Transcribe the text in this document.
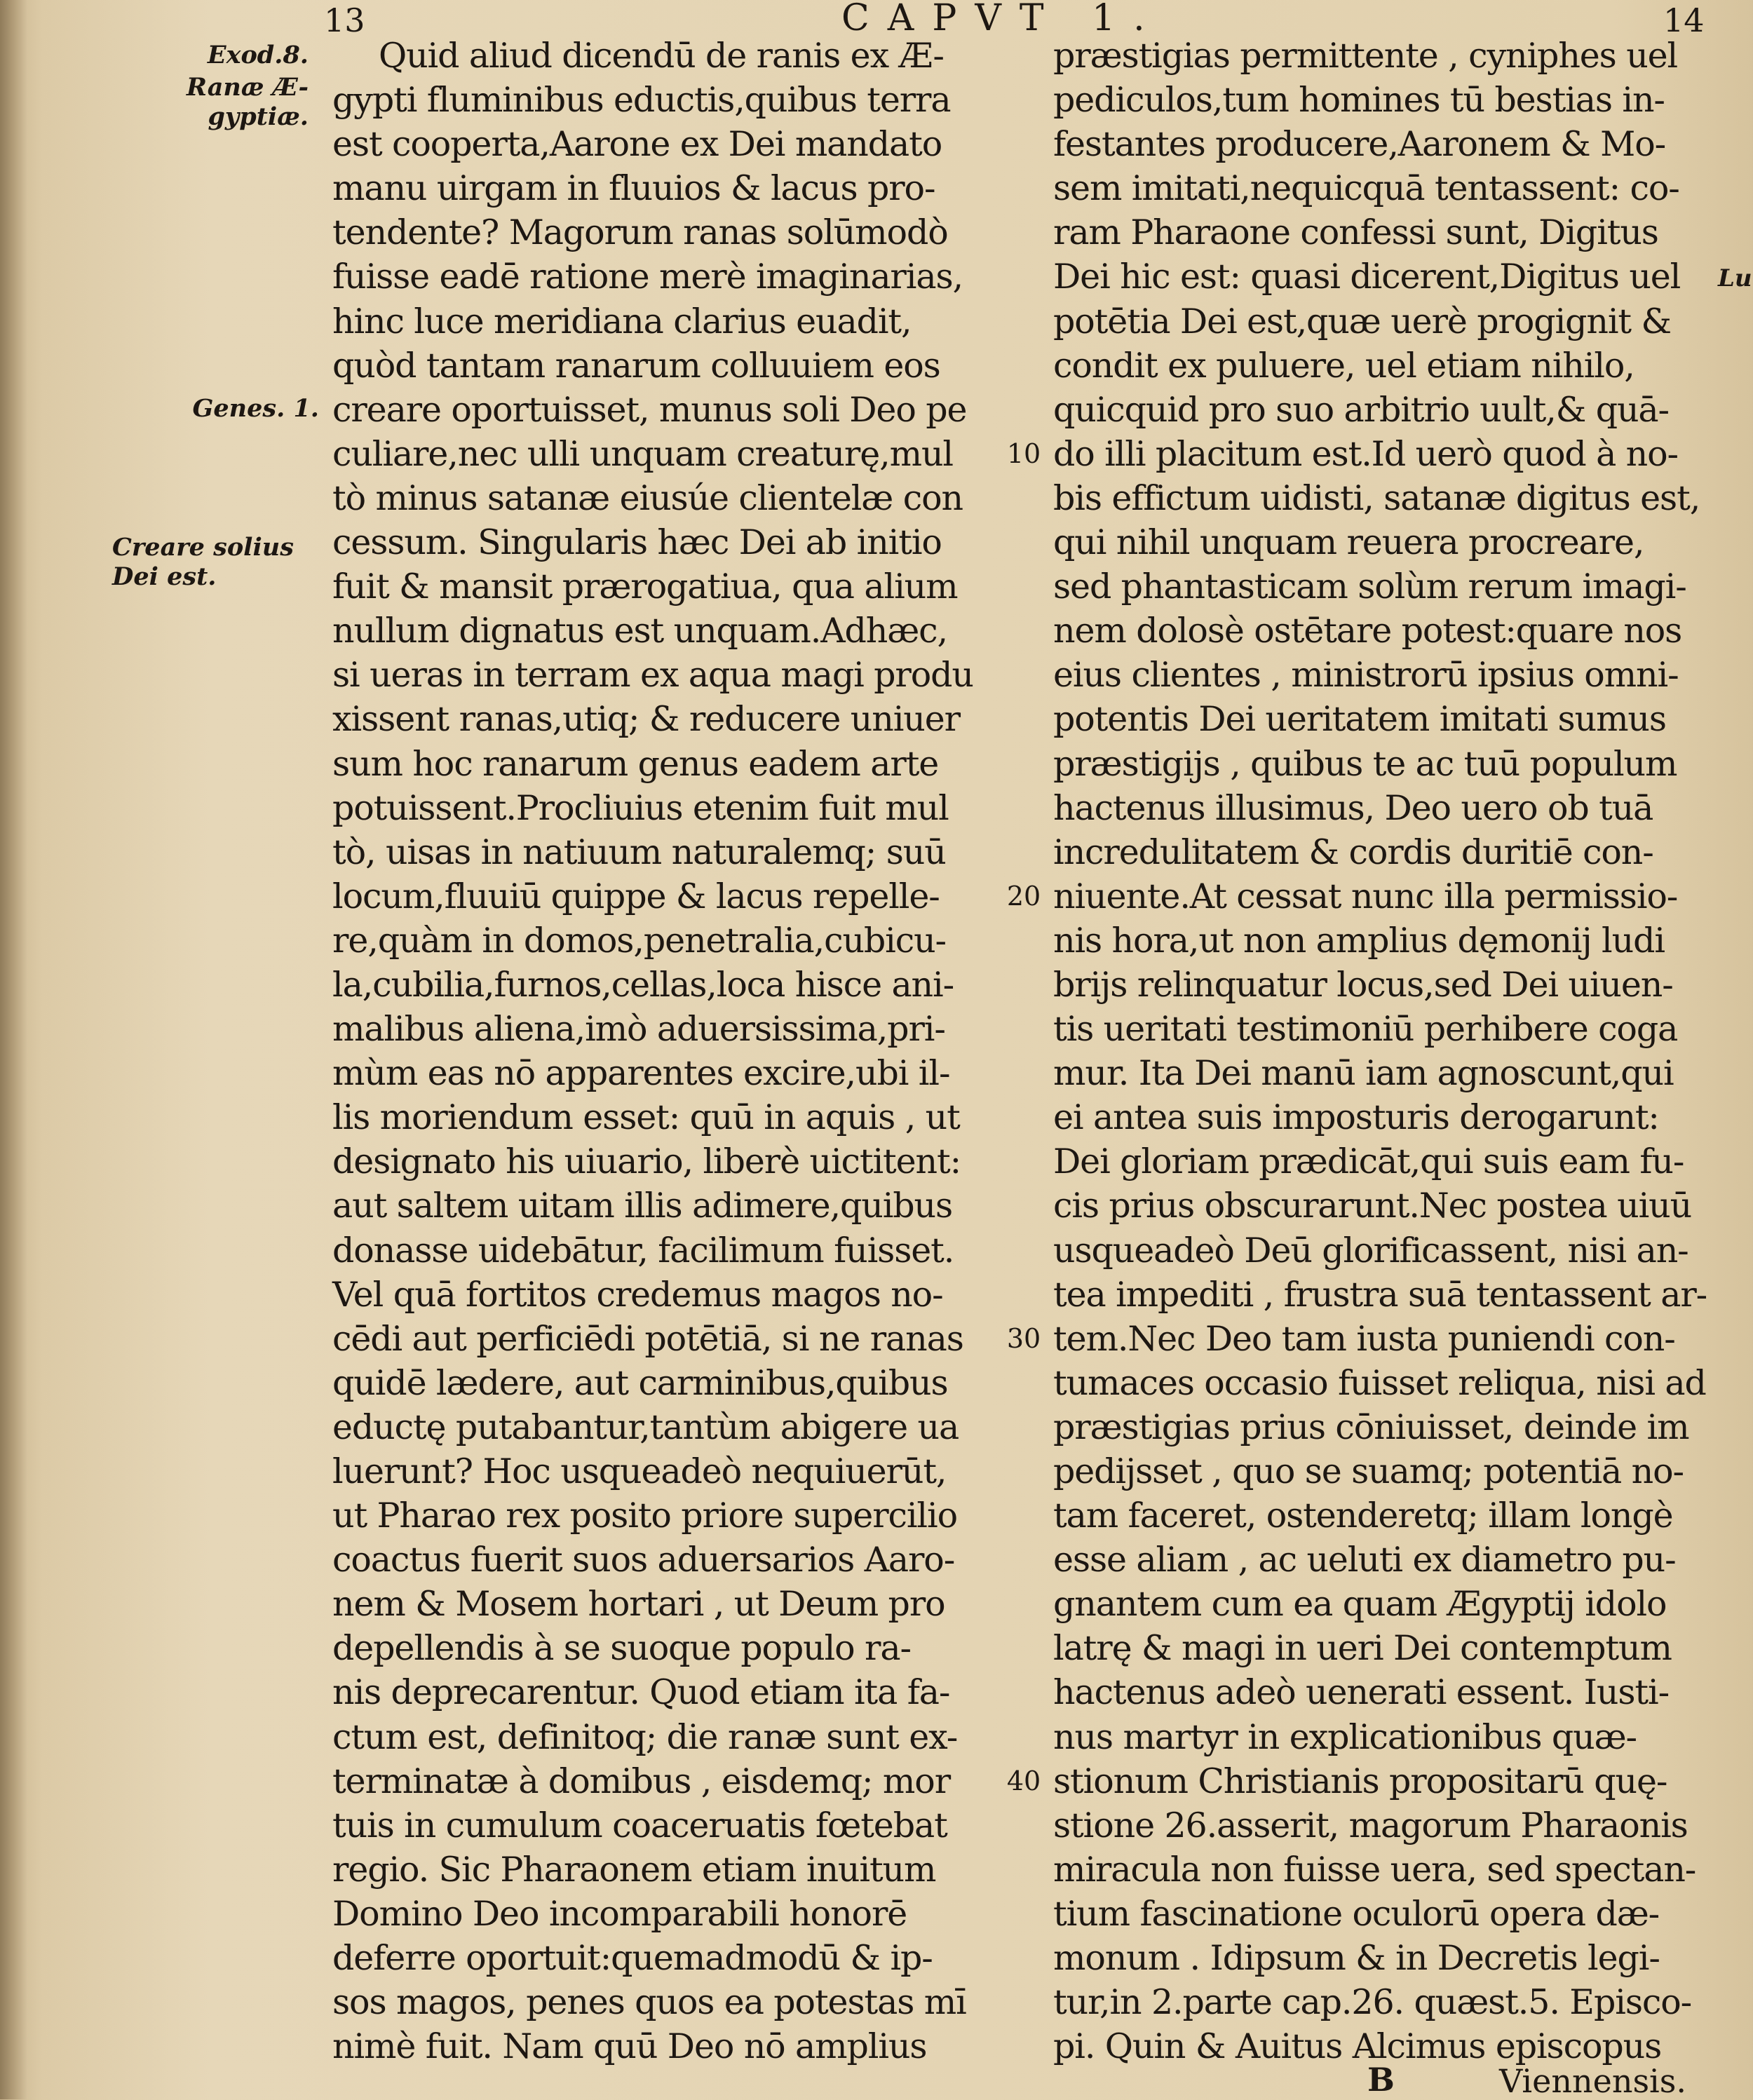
13	CAPVT 1.	14
Exod.8.
Ranæ Æ-
gyptiæ.
Genes. 1.
Creare solius
Dei est.
Lu
Quid aliud dicendū de ranis ex Æ-
gypti fluminibus eductis,quibus terra
est cooperta,Aarone ex Dei mandato
manu uirgam in fluuios & lacus pro-
tendente? Magorum ranas solūmodò
fuisse eadē ratione merè imaginarias,
hinc luce meridiana clarius euadit,
quòd tantam ranarum colluuiem eos
creare oportuisset, munus soli Deo pe
culiare,nec ulli unquam creaturę,mul
tò minus satanæ eiusúe clientelæ con
cessum. Singularis hæc Dei ab initio
fuit & mansit prærogatiua, qua alium
nullum dignatus est unquam.Adhæc,
si ueras in terram ex aqua magi produ
xissent ranas,utiq; & reducere uniuer
sum hoc ranarum genus eadem arte
potuissent.Procliuius etenim fuit mul
tò, uisas in natiuum naturalemq; suū
locum,fluuiū quippe & lacus repelle-
re,quàm in domos,penetralia,cubicu-
la,cubilia,furnos,cellas,loca hisce ani-
malibus aliena,imò aduersissima,pri-
mùm eas nō apparentes excire,ubi il-
lis moriendum esset: quū in aquis , ut
designato his uiuario, liberè uictitent:
aut saltem uitam illis adimere,quibus
donasse uidebātur, facilimum fuisset.
Vel quā fortitos credemus magos no-
cēdi aut perficiēdi potētiā, si ne ranas
quidē lædere, aut carminibus,quibus
eductę putabantur,tantùm abigere ua
luerunt? Hoc usqueadeò nequiuerūt,
ut Pharao rex posito priore supercilio
coactus fuerit suos aduersarios Aaro-
nem & Mosem hortari , ut Deum pro
depellendis à se suoque populo ra-
nis deprecarentur. Quod etiam ita fa-
ctum est, definitoq; die ranæ sunt ex-
terminatæ à domibus , eisdemq; mor
tuis in cumulum coaceruatis fœtebat
regio. Sic Pharaonem etiam inuitum
Domino Deo incomparabili honorē
deferre oportuit:quemadmodū & ip-
sos magos, penes quos ea potestas mī
nimè fuit. Nam quū Deo nō amplius
10
20
30
40
præstigias permittente , cyniphes uel
pediculos,tum homines tū bestias in-
festantes producere,Aaronem & Mo-
sem imitati,nequicquā tentassent: co-
ram Pharaone confessi sunt, Digitus
Dei hic est: quasi dicerent,Digitus uel
potētia Dei est,quæ uerè progignit &
condit ex puluere, uel etiam nihilo,
quicquid pro suo arbitrio uult,& quā-
do illi placitum est.Id uerò quod à no-
bis effictum uidisti, satanæ digitus est,
qui nihil unquam reuera procreare,
sed phantasticam solùm rerum imagi-
nem dolosè ostētare potest:quare nos
eius clientes , ministrorū ipsius omni-
potentis Dei ueritatem imitati sumus
præstigijs , quibus te ac tuū populum
hactenus illusimus, Deo uero ob tuā
incredulitatem & cordis duritiē con-
niuente.At cessat nunc illa permissio-
nis hora,ut non amplius dęmonij ludi
brijs relinquatur locus,sed Dei uiuen-
tis ueritati testimoniū perhibere coga
mur. Ita Dei manū iam agnoscunt,qui
ei antea suis imposturis derogarunt:
Dei gloriam prædicāt,qui suis eam fu-
cis prius obscurarunt.Nec postea uiuū
usqueadeò Deū glorificassent, nisi an-
tea impediti , frustra suā tentassent ar-
tem.Nec Deo tam iusta puniendi con-
tumaces occasio fuisset reliqua, nisi ad
præstigias prius cōniuisset, deinde im
pedijsset , quo se suamq; potentiā no-
tam faceret, ostenderetq; illam longè
esse aliam , ac ueluti ex diametro pu-
gnantem cum ea quam Ægyptij idolo
latrę & magi in ueri Dei contemptum
hactenus adeò uenerati essent. Iusti-
nus martyr in explicationibus quæ-
stionum Christianis propositarū quę-
stione 26.asserit, magorum Pharaonis
miracula non fuisse uera, sed spectan-
tium fascinatione oculorū opera dæ-
monum . Idipsum & in Decretis legi-
tur,in 2.parte cap.26. quæst.5. Episco-
pi. Quin & Auitus Alcimus episcopus
B	Viennensis.
